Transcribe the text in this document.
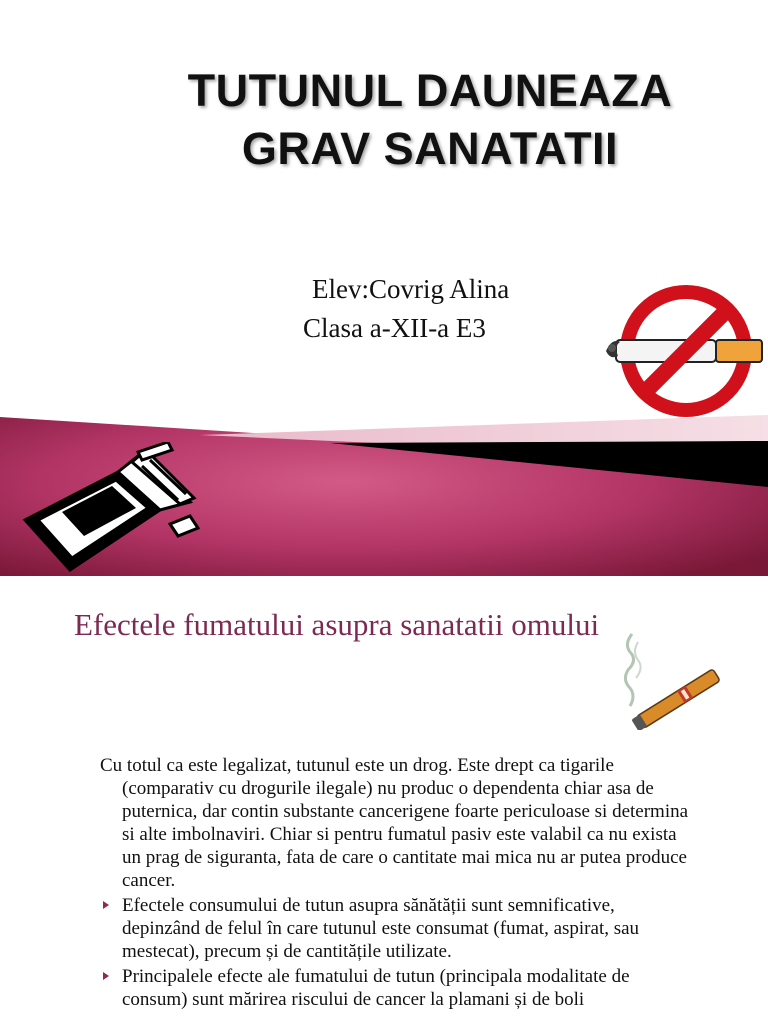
TUTUNUL DAUNEAZA
GRAV SANATATII
Elev:Covrig Alina
Clasa a-XII-a E3
Efectele fumatului asupra sanatatii omului

Cu totul ca este legalizat, tutunul este un drog. Este drept ca tigarile
(comparativ cu drogurile ilegale) nu produc o dependenta chiar asa de puternica, dar contin substante cancerigene foarte periculoase si determina si alte imbolnaviri. Chiar si pentru fumatul pasiv este valabil ca nu exista un prag de siguranta, fata de care o cantitate mai mica nu ar putea produce cancer.

Efectele consumului de tutun asupra sănătății sunt semnificative, depinzând de felul în care tutunul este consumat (fumat, aspirat, sau mestecat), precum și de cantitățile utilizate.
Principalele efecte ale fumatului de tutun (principala modalitate de consum) sunt mărirea riscului de cancer la plamani și de boli
